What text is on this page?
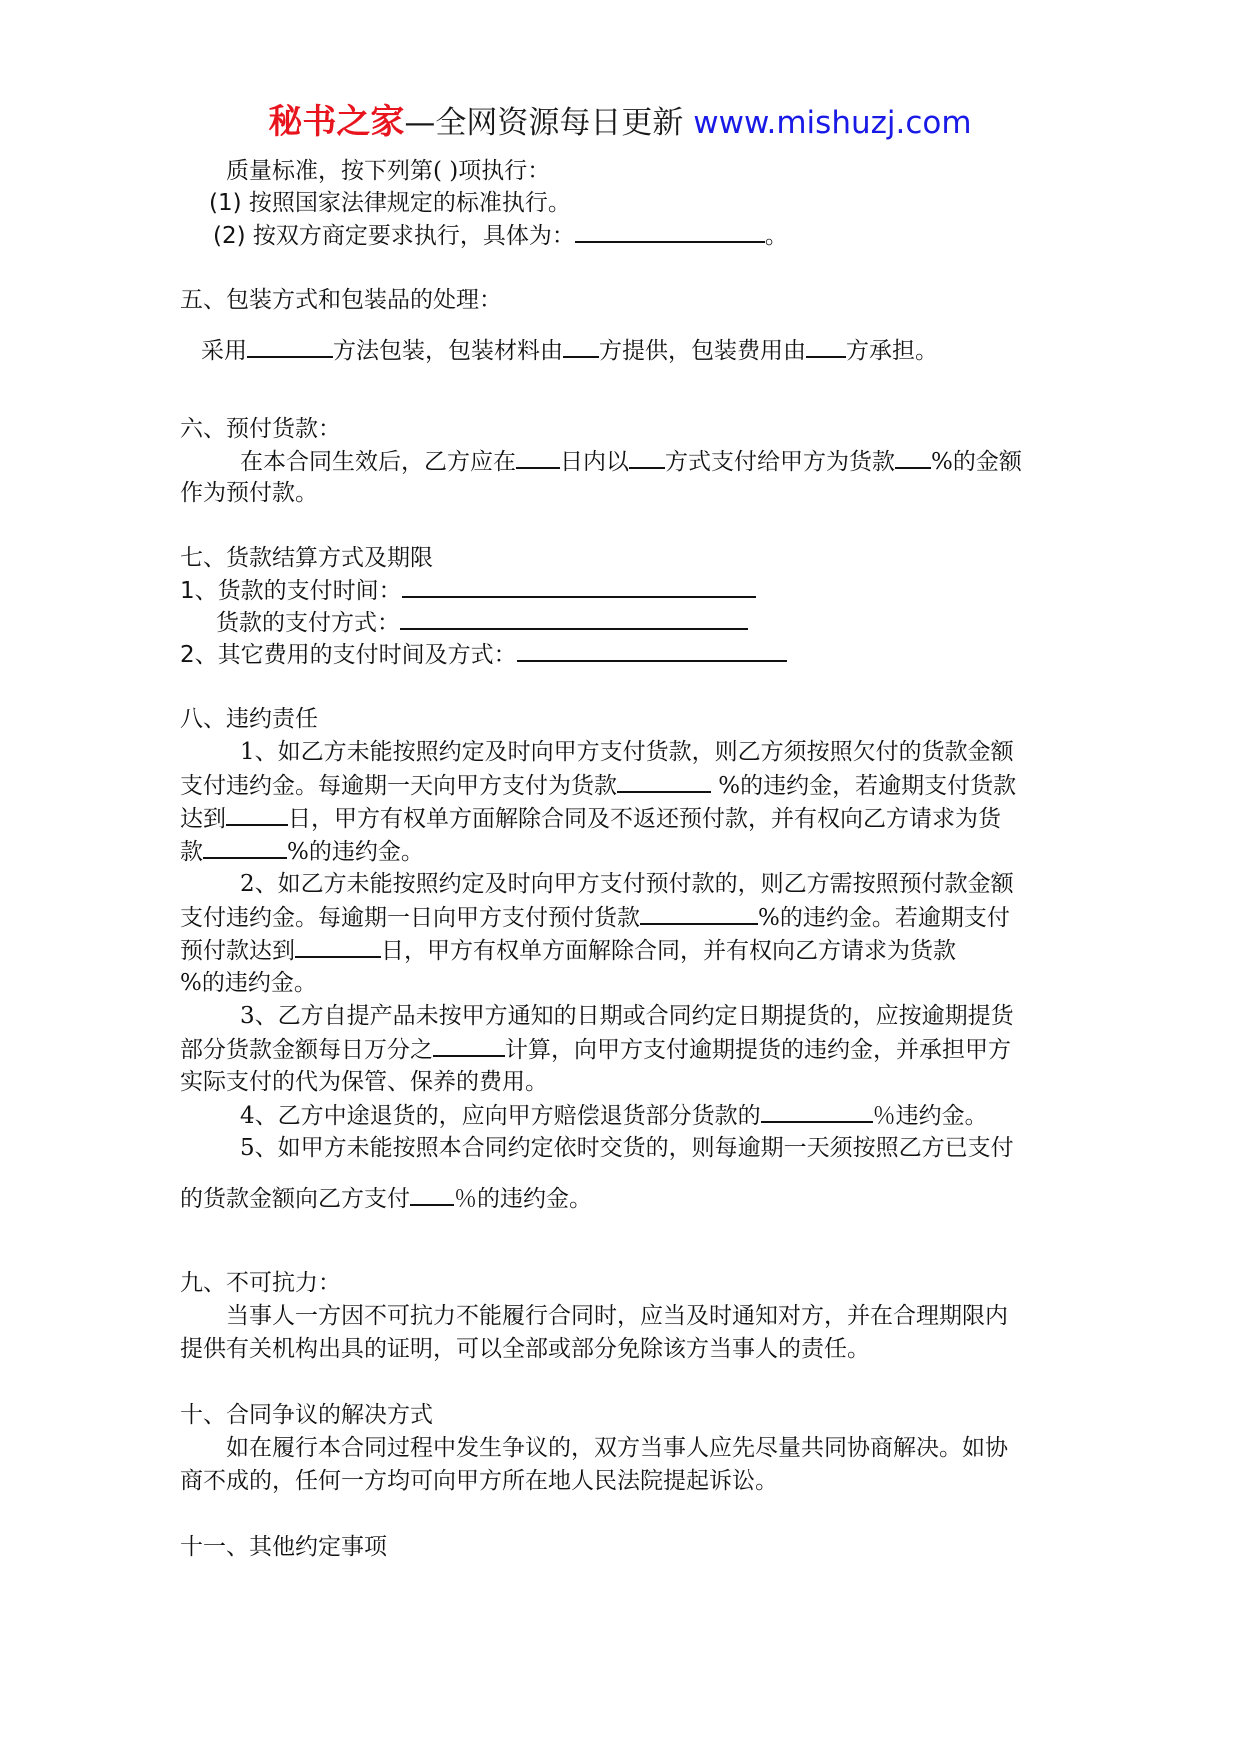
秘书之家—全网资源每日更新 www.mishuzj.com
质量标准，按下列第( )项执行：
(1) 按照国家法律规定的标准执行。
(2) 按双方商定要求执行，具体为：	。
五、包装方式和包装品的处理：
采用	方法包装，包装材料由 方提供，包装费用由 方承担。
六、预付货款：
在本合同生效后，乙方应在 日内以 方式支付给甲方为货款 %的金额
作为预付款。
七、货款结算方式及期限
1、货款的支付时间：
货款的支付方式：
2、其它费用的支付时间及方式：
八、违约责任
1、如乙方未能按照约定及时向甲方支付货款，则乙方须按照欠付的货款金额
支付违约金。每逾期一天向甲方支付为货款	%的违约金，若逾期支付货款
达到	日，甲方有权单方面解除合同及不返还预付款，并有权向乙方请求为货
款	%的违约金。
2、如乙方未能按照约定及时向甲方支付预付款的，则乙方需按照预付款金额
支付违约金。每逾期一日向甲方支付预付货款	%的违约金。若逾期支付
预付款达到	日，甲方有权单方面解除合同，并有权向乙方请求为货款
%的违约金。
3、乙方自提产品未按甲方通知的日期或合同约定日期提货的，应按逾期提货
部分货款金额每日万分之	计算，向甲方支付逾期提货的违约金，并承担甲方
实际支付的代为保管、保养的费用。
4、乙方中途退货的，应向甲方赔偿退货部分货款的	％违约金。
5、如甲方未能按照本合同约定依时交货的，则每逾期一天须按照乙方已支付
的货款金额向乙方支付 ％的违约金。
九、不可抗力：
当事人一方因不可抗力不能履行合同时，应当及时通知对方，并在合理期限内
提供有关机构出具的证明，可以全部或部分免除该方当事人的责任。
十、合同争议的解决方式
如在履行本合同过程中发生争议的，双方当事人应先尽量共同协商解决。如协
商不成的，任何一方均可向甲方所在地人民法院提起诉讼。
十一、其他约定事项
